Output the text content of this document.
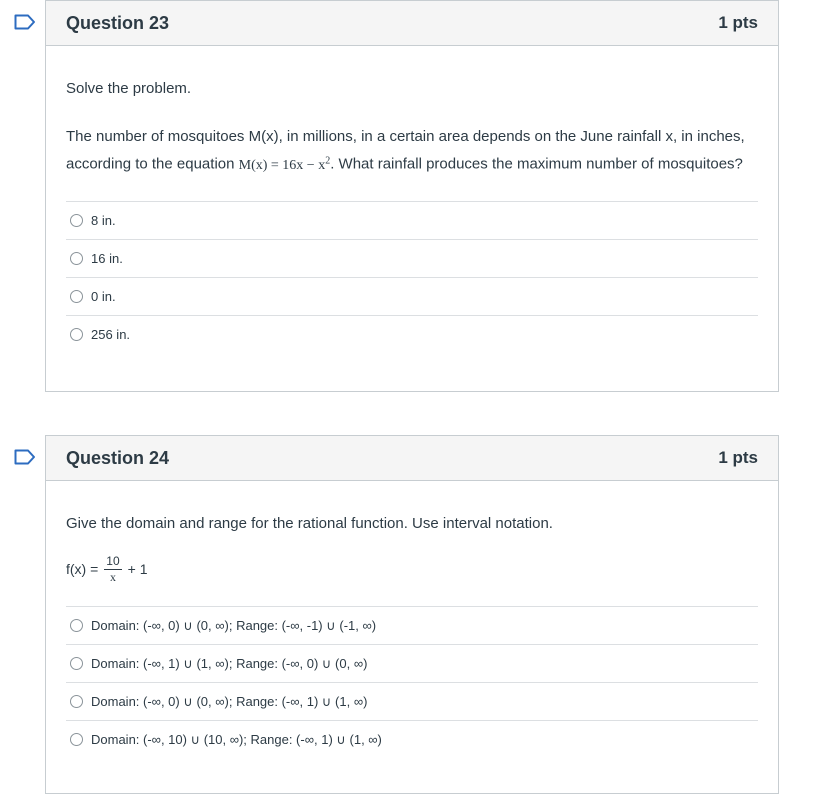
Question 23	1 pts

Solve the problem.

The number of mosquitoes M(x), in millions, in a certain area depends on the June rainfall x, in inches, according to the equation $M(x) = 16x - x^2$. What rainfall produces the maximum number of mosquitoes?

8 in.
16 in.
0 in.
256 in.
Question 24	1 pts

Give the domain and range for the rational function. Use interval notation.

$f(x) = \frac{10}{x} + 1$
Domain: (-∞, 0) ∪ (0, ∞); Range: (-∞, -1) ∪ (-1, ∞)
Domain: (-∞, 1) ∪ (1, ∞); Range: (-∞, 0) ∪ (0, ∞)
Domain: (-∞, 0) ∪ (0, ∞); Range: (-∞, 1) ∪ (1, ∞)
Domain: (-∞, 10) ∪ (10, ∞); Range: (-∞, 1) ∪ (1, ∞)
